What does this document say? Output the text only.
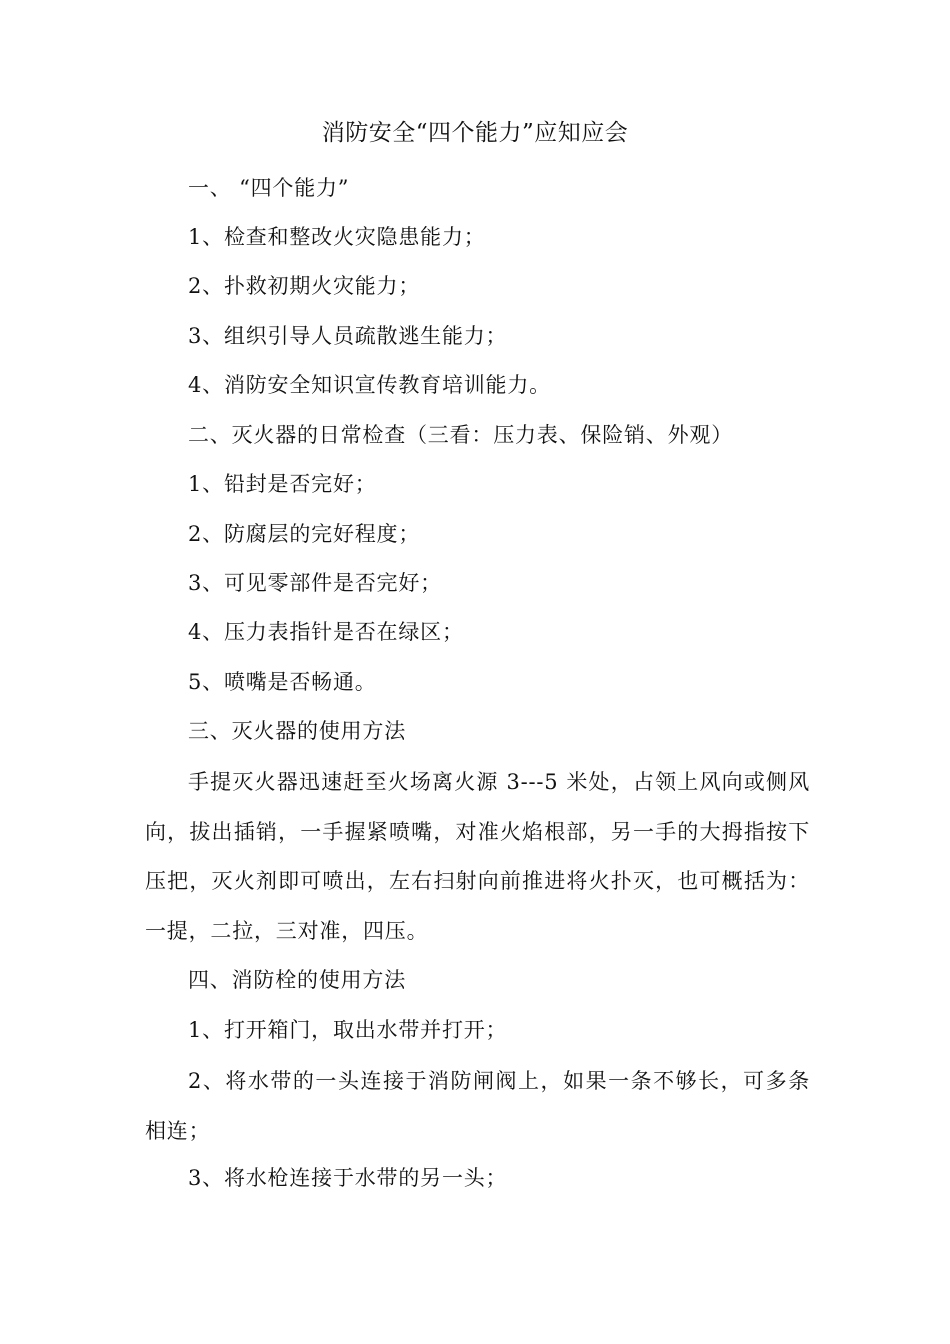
消防安全“四个能力”应知应会
一、 “四个能力”
1、检查和整改火灾隐患能力；
2、扑救初期火灾能力；
3、组织引导人员疏散逃生能力；
4、消防安全知识宣传教育培训能力。
二、灭火器的日常检查（三看：压力表、保险销、外观）
1、铅封是否完好；
2、防腐层的完好程度；
3、可见零部件是否完好；
4、压力表指针是否在绿区；
5、喷嘴是否畅通。
三、灭火器的使用方法
手提灭火器迅速赶至火场离火源 3---5 米处，占领上风向或侧风向，拔出插销，一手握紧喷嘴，对准火焰根部，另一手的大拇指按下压把，灭火剂即可喷出，左右扫射向前推进将火扑灭，也可概括为：一提，二拉，三对准，四压。
四、消防栓的使用方法
1、打开箱门，取出水带并打开；
2、将水带的一头连接于消防闸阀上，如果一条不够长，可多条相连；
3、将水枪连接于水带的另一头；
